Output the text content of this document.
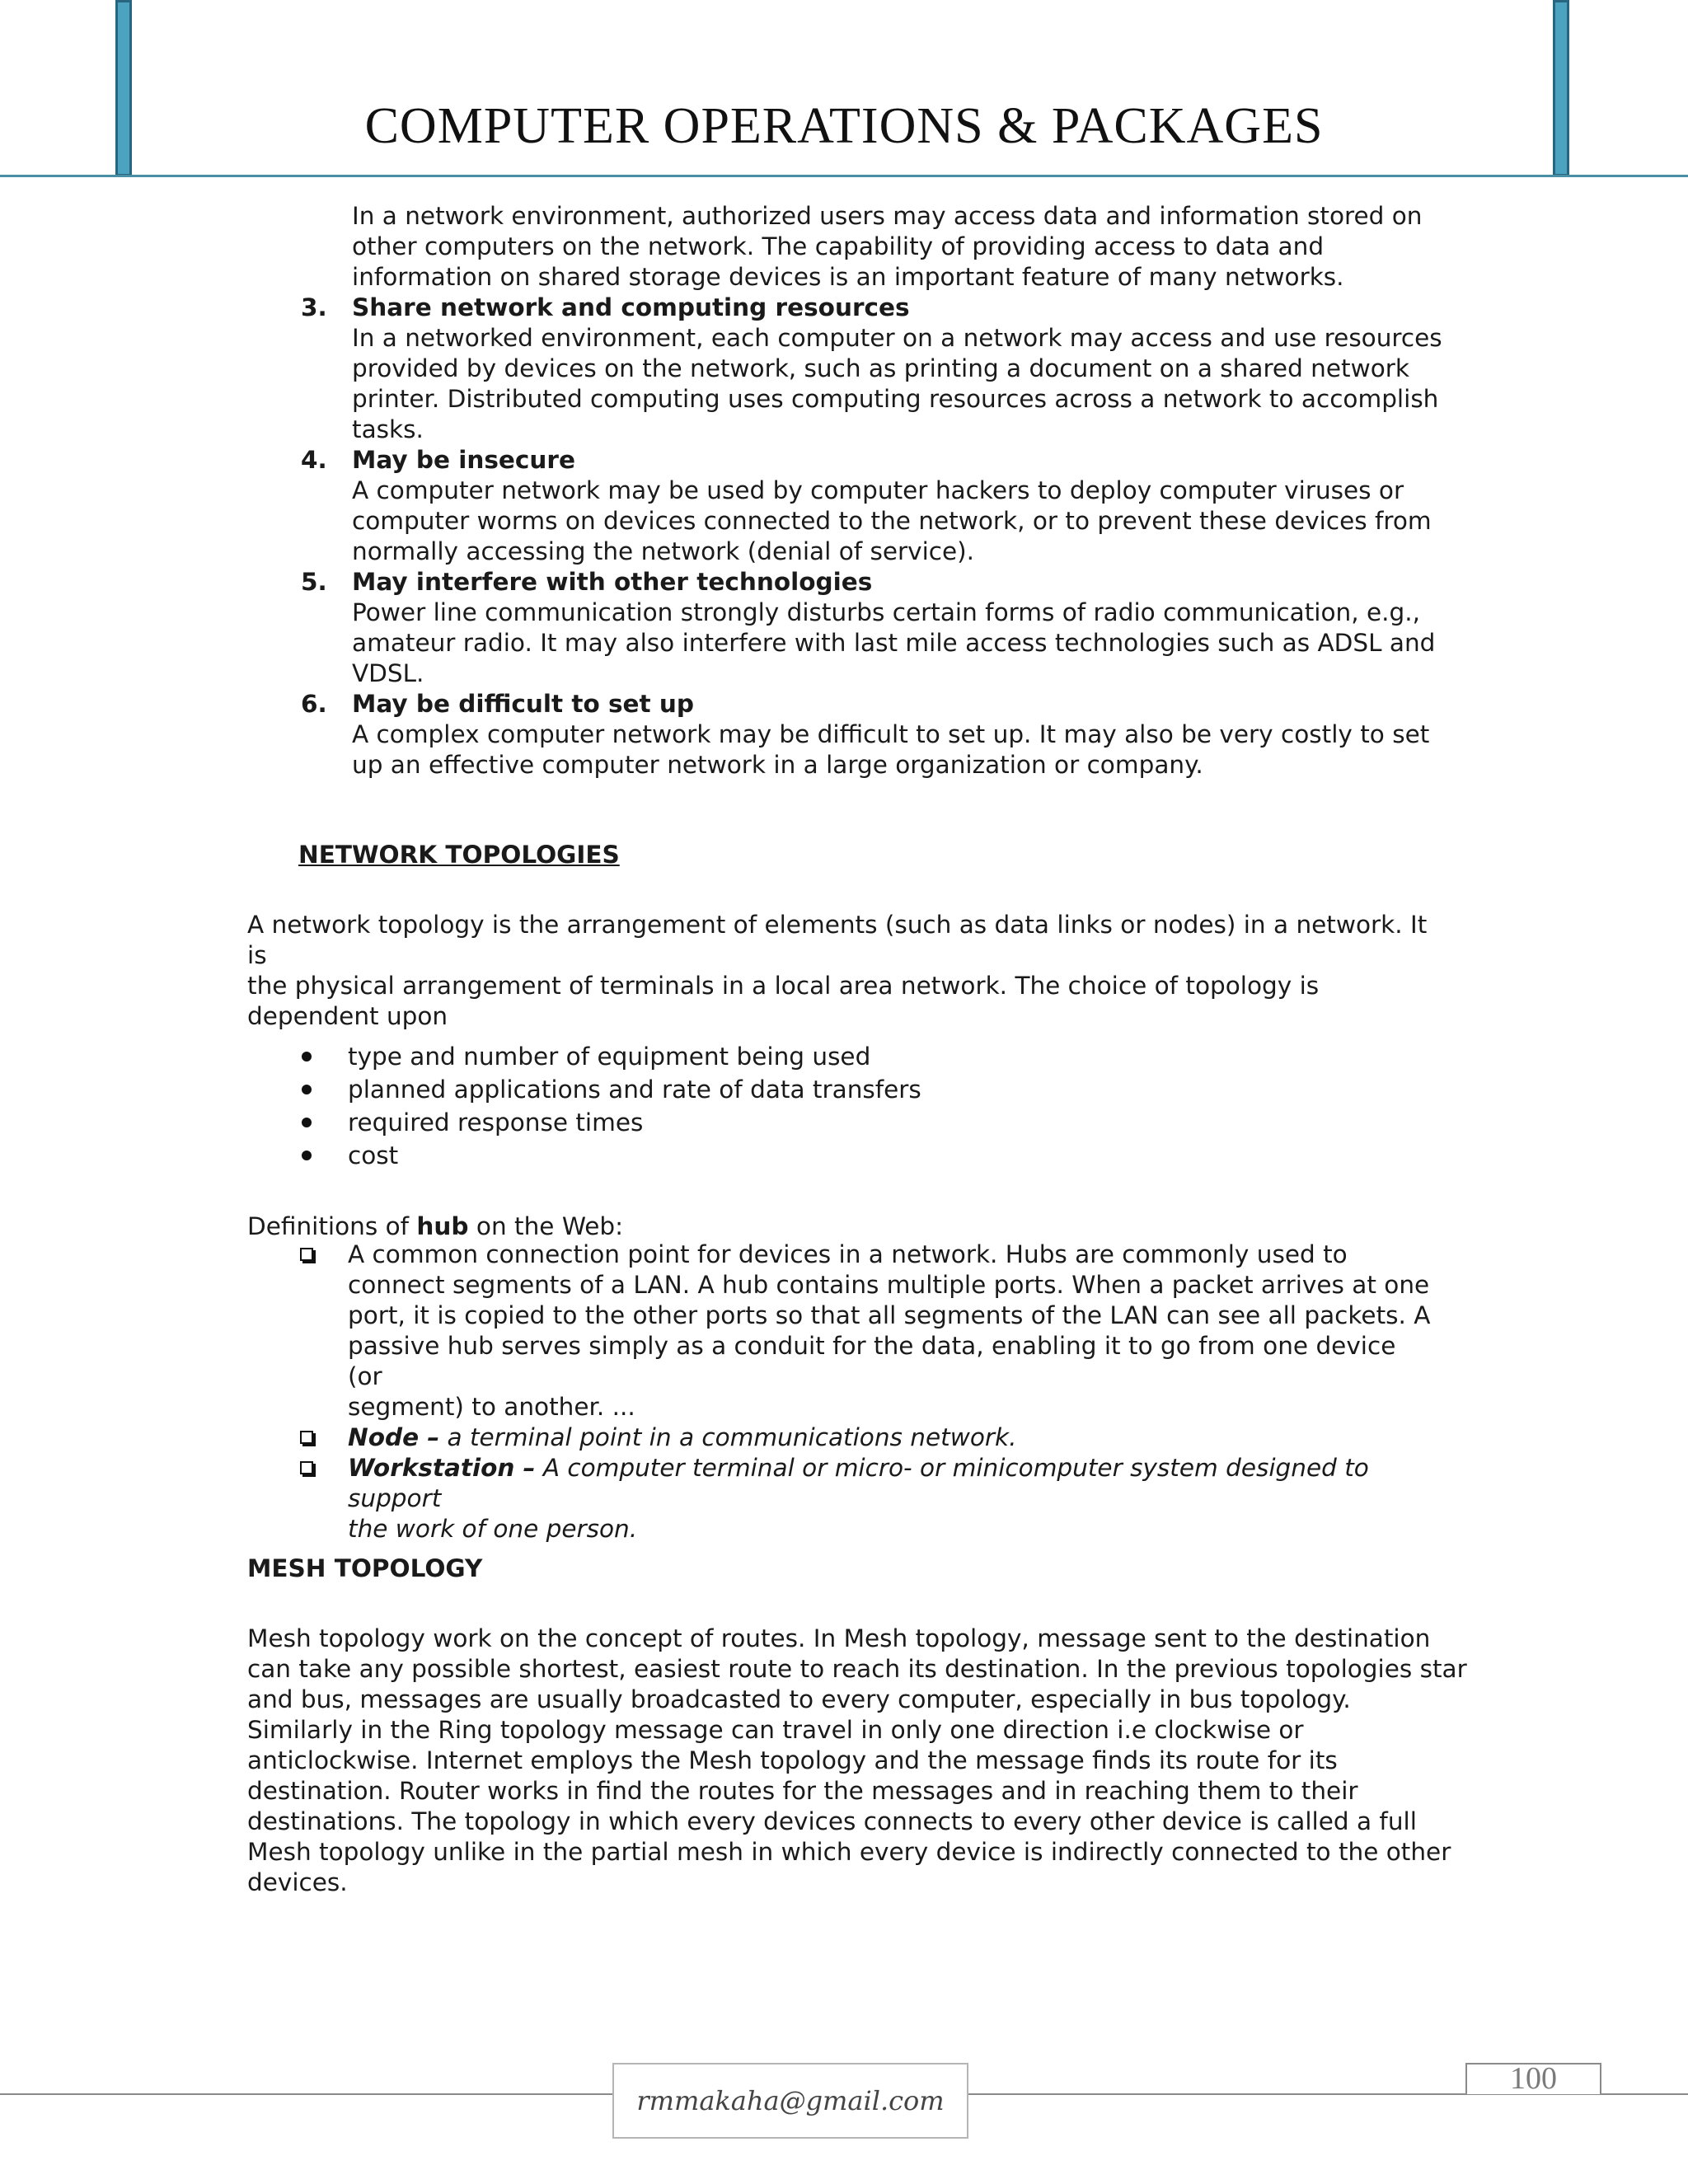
COMPUTER OPERATIONS & PACKAGES
In a network environment, authorized users may access data and information stored on
other computers on the network. The capability of providing access to data and
information on shared storage devices is an important feature of many networks.
3. Share network and computing resources
In a networked environment, each computer on a network may access and use resources
provided by devices on the network, such as printing a document on a shared network
printer. Distributed computing uses computing resources across a network to accomplish
tasks.
4. May be insecure
A computer network may be used by computer hackers to deploy computer viruses or
computer worms on devices connected to the network, or to prevent these devices from
normally accessing the network (denial of service).
5. May interfere with other technologies
Power line communication strongly disturbs certain forms of radio communication, e.g.,
amateur radio. It may also interfere with last mile access technologies such as ADSL and
VDSL.
6. May be difficult to set up
A complex computer network may be difficult to set up. It may also be very costly to set
up an effective computer network in a large organization or company.
NETWORK TOPOLOGIES
A network topology is the arrangement of elements (such as data links or nodes) in a network. It is
the physical arrangement of terminals in a local area network. The choice of topology is
dependent upon
type and number of equipment being used
planned applications and rate of data transfers
required response times
cost
Definitions of hub on the Web:
A common connection point for devices in a network. Hubs are commonly used to
connect segments of a LAN. A hub contains multiple ports. When a packet arrives at one
port, it is copied to the other ports so that all segments of the LAN can see all packets. A
passive hub serves simply as a conduit for the data, enabling it to go from one device (or
segment) to another. ...
Node – a terminal point in a communications network.
Workstation – A computer terminal or micro- or minicomputer system designed to support
the work of one person.
MESH TOPOLOGY
Mesh topology work on the concept of routes. In Mesh topology, message sent to the destination
can take any possible shortest, easiest route to reach its destination. In the previous topologies star
and bus, messages are usually broadcasted to every computer, especially in bus topology.
Similarly in the Ring topology message can travel in only one direction i.e clockwise or
anticlockwise. Internet employs the Mesh topology and the message finds its route for its
destination. Router works in find the routes for the messages and in reaching them to their
destinations. The topology in which every devices connects to every other device is called a full
Mesh topology unlike in the partial mesh in which every device is indirectly connected to the other
devices.
rmmakaha@gmail.com
100
